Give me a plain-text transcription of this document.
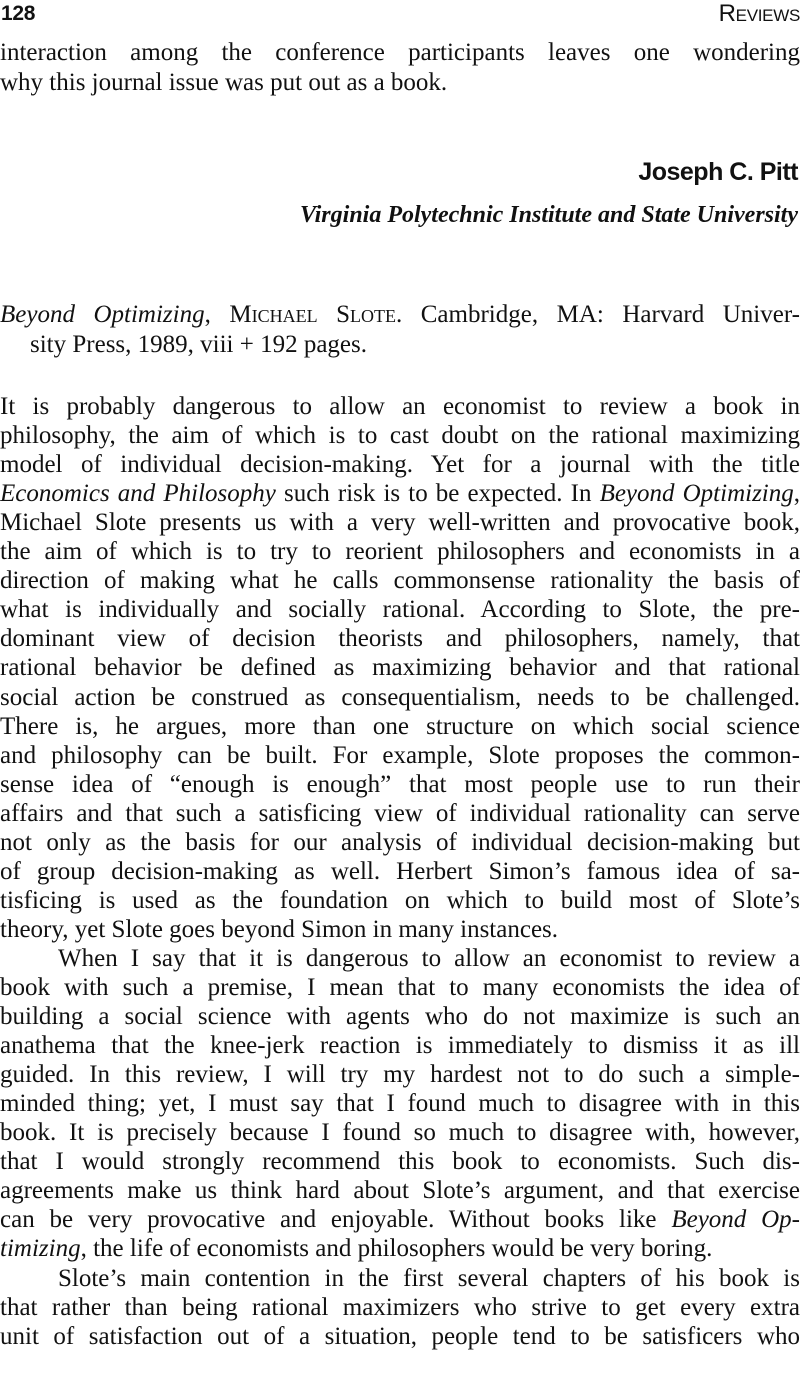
128	Reviews
interaction among the conference participants leaves one wondering
why this journal issue was put out as a book.
Joseph C. Pitt
Virginia Polytechnic Institute and State University
Beyond Optimizing, Michael Slote. Cambridge, MA: Harvard Univer-
sity Press, 1989, viii + 192 pages.
It is probably dangerous to allow an economist to review a book in
philosophy, the aim of which is to cast doubt on the rational maximizing
model of individual decision-making. Yet for a journal with the title
Economics and Philosophy such risk is to be expected. In Beyond Optimizing,
Michael Slote presents us with a very well-written and provocative book,
the aim of which is to try to reorient philosophers and economists in a
direction of making what he calls commonsense rationality the basis of
what is individually and socially rational. According to Slote, the pre-
dominant view of decision theorists and philosophers, namely, that
rational behavior be defined as maximizing behavior and that rational
social action be construed as consequentialism, needs to be challenged.
There is, he argues, more than one structure on which social science
and philosophy can be built. For example, Slote proposes the common-
sense idea of “enough is enough” that most people use to run their
affairs and that such a satisficing view of individual rationality can serve
not only as the basis for our analysis of individual decision-making but
of group decision-making as well. Herbert Simon’s famous idea of sa-
tisficing is used as the foundation on which to build most of Slote’s
theory, yet Slote goes beyond Simon in many instances.
When I say that it is dangerous to allow an economist to review a
book with such a premise, I mean that to many economists the idea of
building a social science with agents who do not maximize is such an
anathema that the knee-jerk reaction is immediately to dismiss it as ill
guided. In this review, I will try my hardest not to do such a simple-
minded thing; yet, I must say that I found much to disagree with in this
book. It is precisely because I found so much to disagree with, however,
that I would strongly recommend this book to economists. Such dis-
agreements make us think hard about Slote’s argument, and that exercise
can be very provocative and enjoyable. Without books like Beyond Op-
timizing, the life of economists and philosophers would be very boring.
Slote’s main contention in the first several chapters of his book is
that rather than being rational maximizers who strive to get every extra
unit of satisfaction out of a situation, people tend to be satisficers who
